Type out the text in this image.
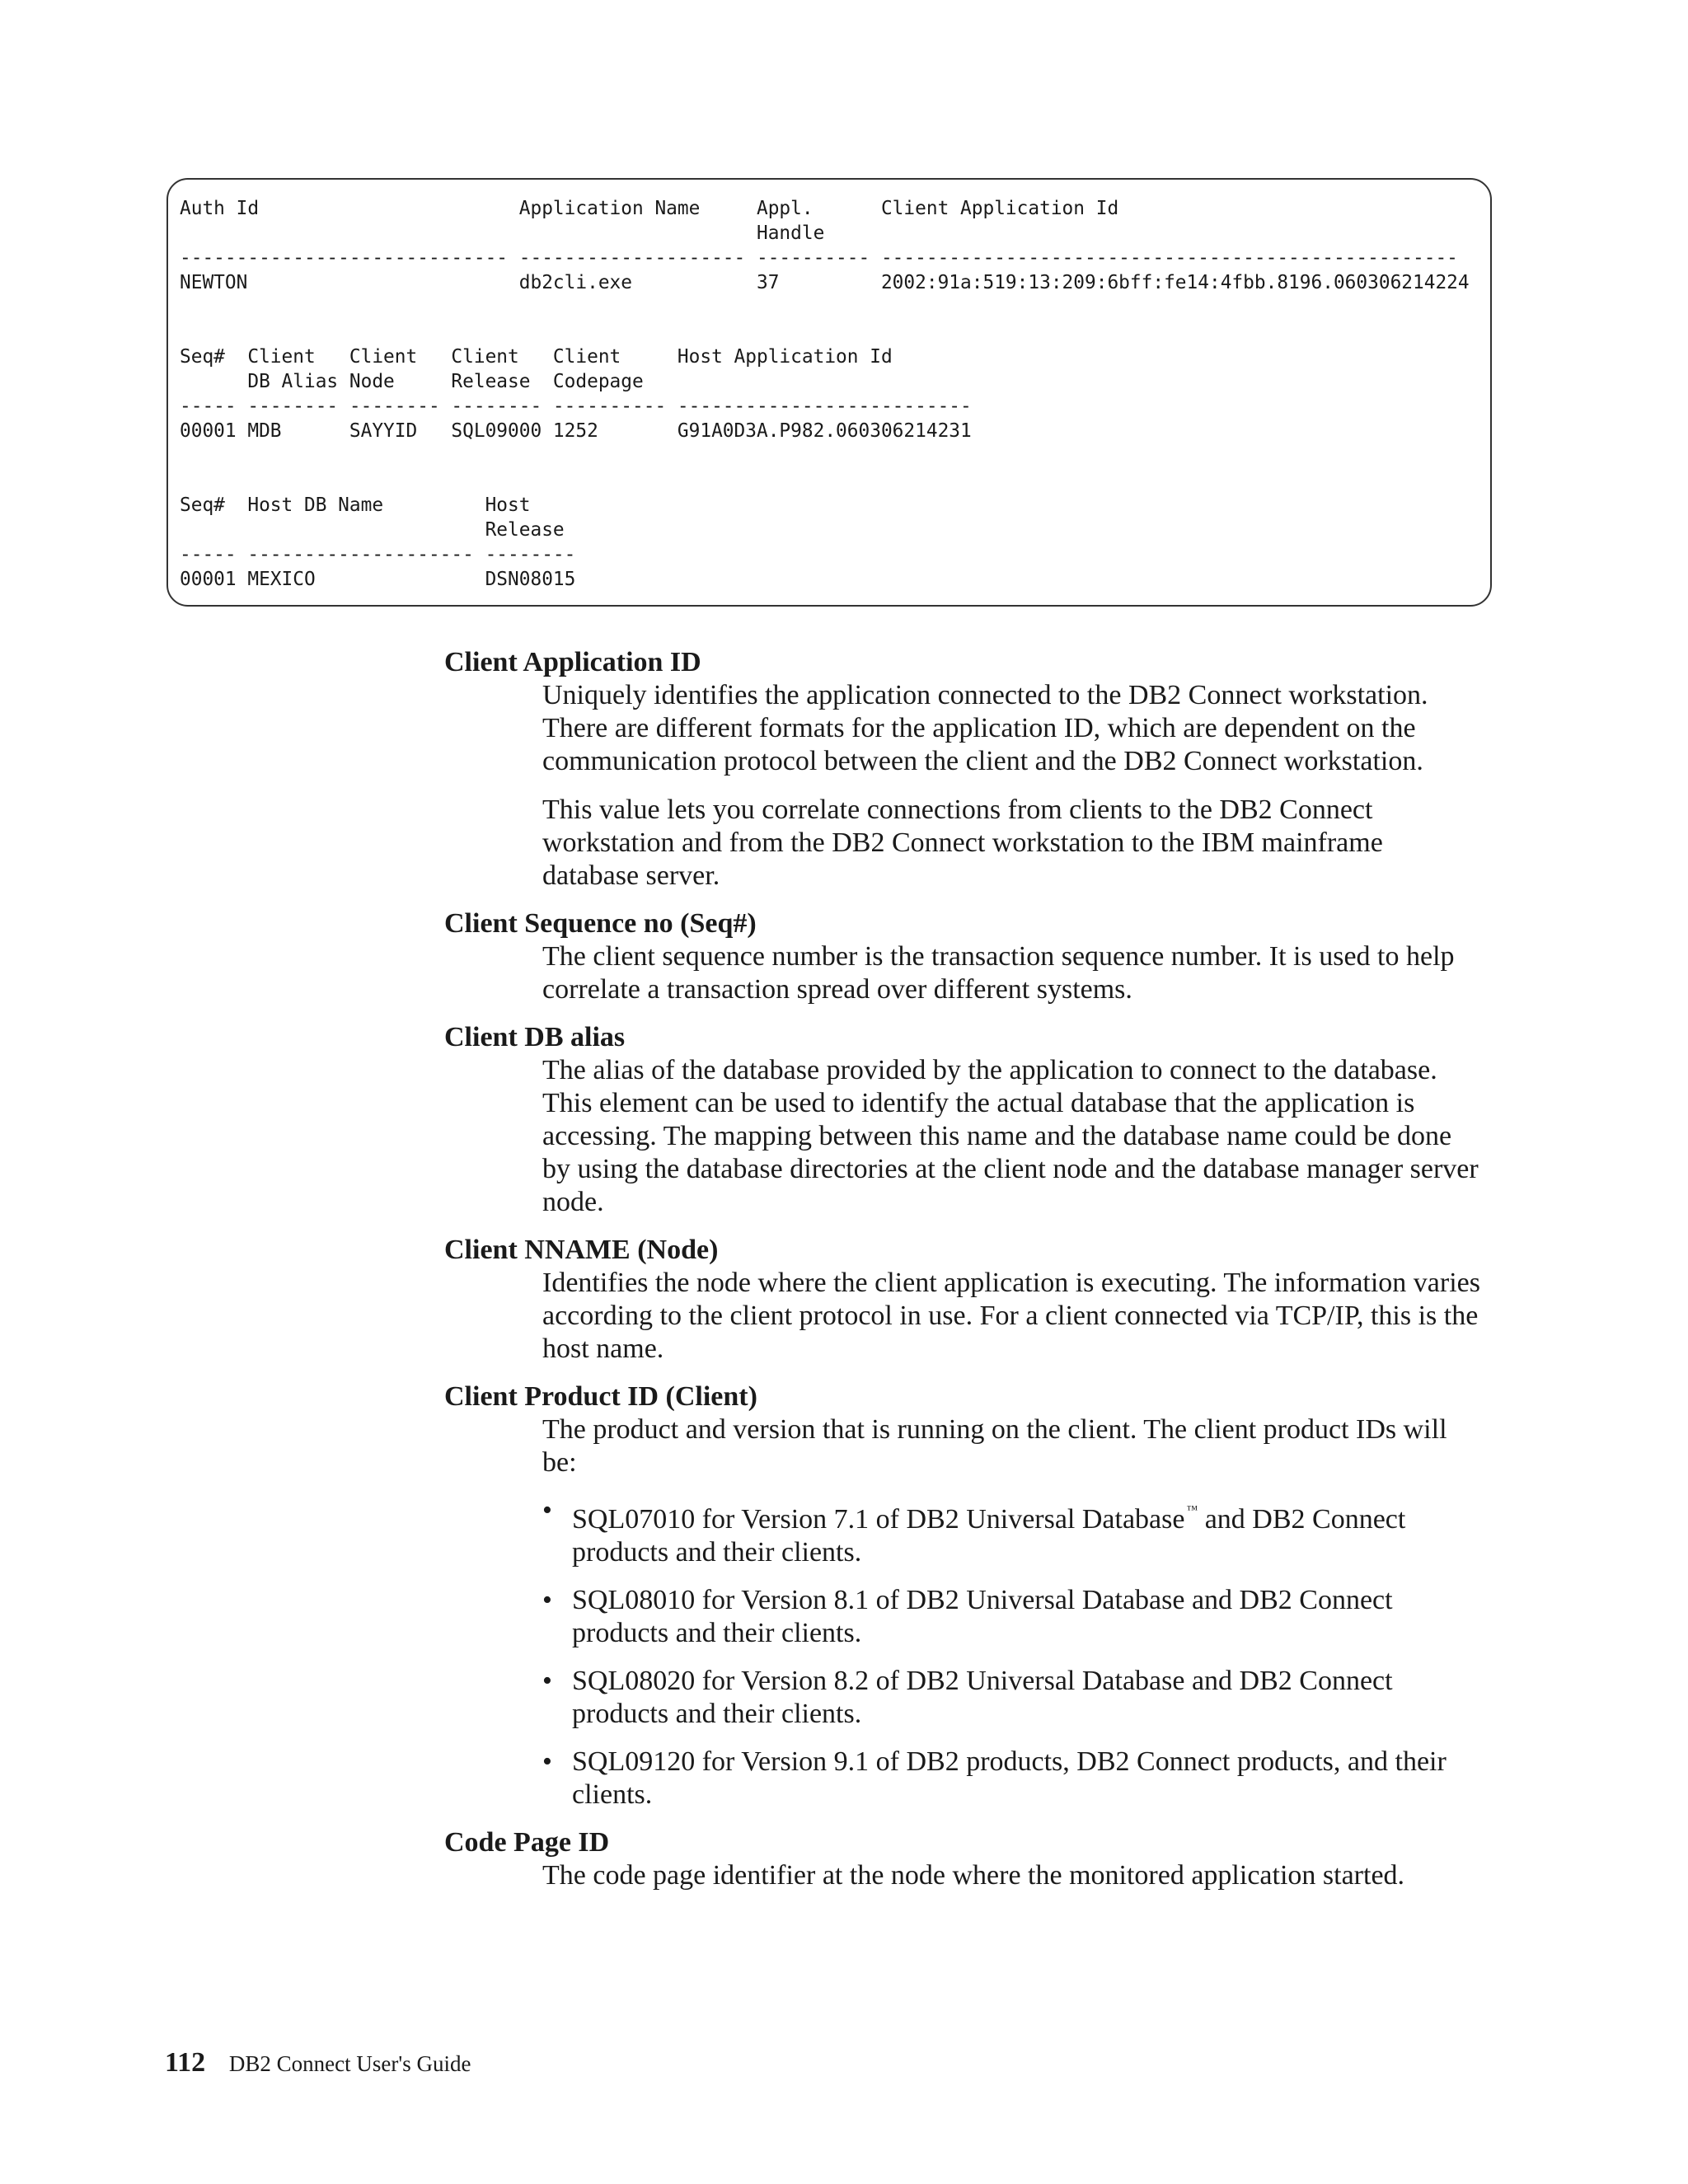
Auth Id                       Application Name     Appl.      Client Application Id
Handle
----------------------------- -------------------- ---------- ---------------------------------------------------
NEWTON                        db2cli.exe           37         2002:91a:519:13:209:6bff:fe14:4fbb.8196.060306214224

Seq#  Client   Client   Client   Client     Host Application Id
DB Alias Node     Release  Codepage
----- -------- -------- -------- ---------- --------------------------
00001 MDB      SAYYID   SQL09000 1252       G91A0D3A.P982.060306214231

Seq#  Host DB Name         Host
Release
----- -------------------- --------
00001 MEXICO               DSN08015
Client Application ID

Uniquely identifies the application connected to the DB2 Connect workstation. There are different formats for the application ID, which are dependent on the communication protocol between the client and the DB2 Connect workstation.

This value lets you correlate connections from clients to the DB2 Connect workstation and from the DB2 Connect workstation to the IBM mainframe database server.

Client Sequence no (Seq#)

The client sequence number is the transaction sequence number. It is used to help correlate a transaction spread over different systems.

Client DB alias

The alias of the database provided by the application to connect to the database. This element can be used to identify the actual database that the application is accessing. The mapping between this name and the database name could be done by using the database directories at the client node and the database manager server node.

Client NNAME (Node)

Identifies the node where the client application is executing. The information varies according to the client protocol in use. For a client connected via TCP/IP, this is the host name.

Client Product ID (Client)

The product and version that is running on the client. The client product IDs will be:

• SQL07010 for Version 7.1 of DB2 Universal Database ™ and DB2 Connect products and their clients.
• SQL08010 for Version 8.1 of DB2 Universal Database and DB2 Connect products and their clients.
• SQL08020 for Version 8.2 of DB2 Universal Database and DB2 Connect products and their clients.
• SQL09120 for Version 9.1 of DB2 products, DB2 Connect products, and their clients.
Code Page ID

The code page identifier at the node where the monitored application started.

112 DB2 Connect User's Guide
